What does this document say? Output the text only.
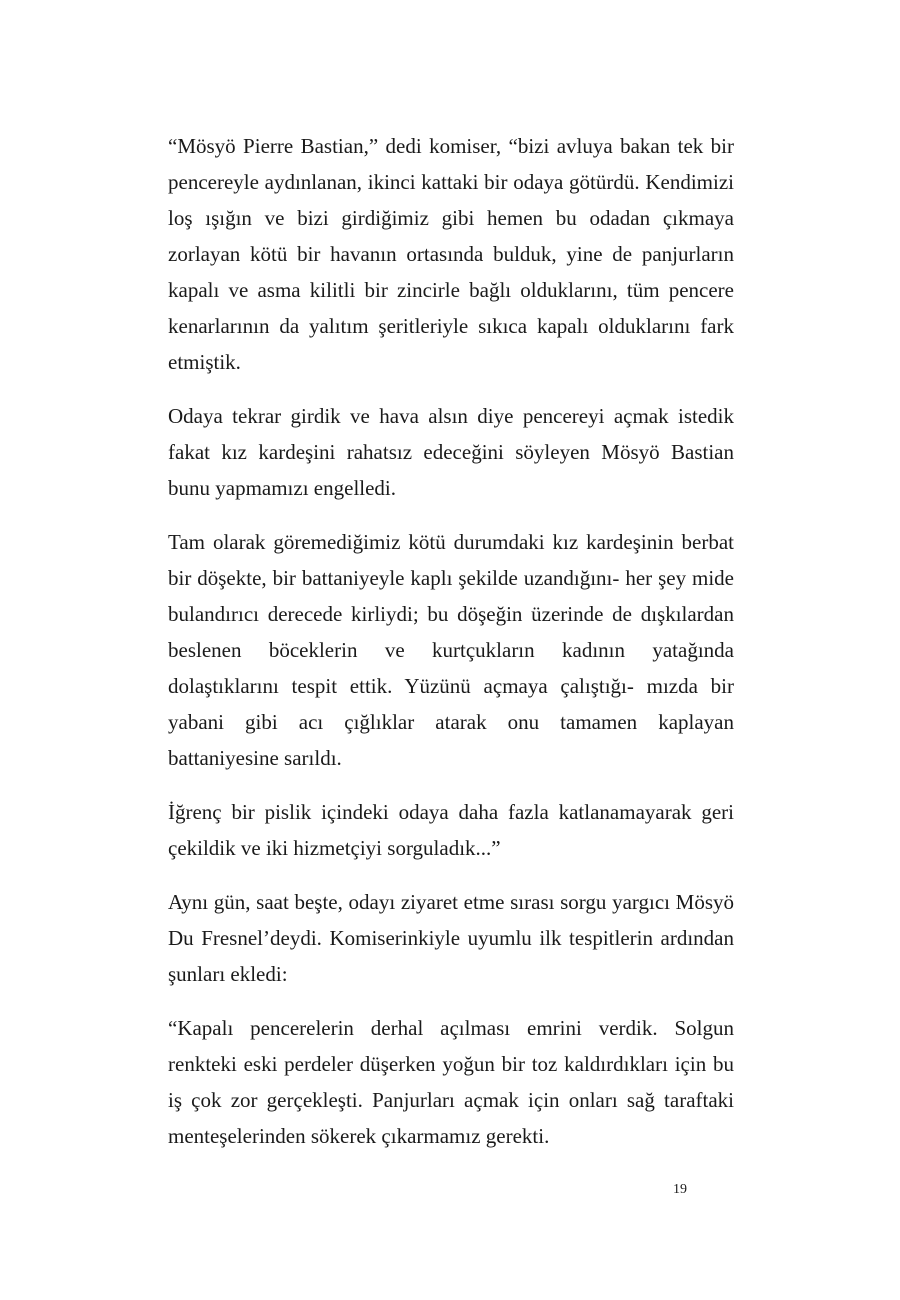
“Mösyö Pierre Bastian,” dedi komiser, “bizi avluya bakan tek bir pencereyle aydınlanan, ikinci kattaki bir odaya götürdü. Kendimizi loş ışığın ve bizi girdiğimiz gibi hemen bu odadan çıkmaya zorlayan kötü bir havanın ortasında bulduk, yine de panjurların kapalı ve asma kilitli bir zincirle bağlı olduklarını, tüm pencere kenarlarının da yalıtım şeritleriyle sıkıca kapalı olduklarını fark etmiştik.

Odaya tekrar girdik ve hava alsın diye pencereyi açmak istedik fakat kız kardeşini rahatsız edeceğini söyleyen Mösyö Bastian bunu yapmamızı engelledi.

Tam olarak göremediğimiz kötü durumdaki kız kardeşinin berbat bir döşekte, bir battaniyeyle kaplı şekilde uzandığını- her şey mide bulandırıcı derecede kirliydi; bu döşeğin üzerinde de dışkılardan beslenen böceklerin ve kurtçukların kadının yatağında dolaştıklarını tespit ettik. Yüzünü açmaya çalıştığı- mızda bir yabani gibi acı çığlıklar atarak onu tamamen kaplayan battaniyesine sarıldı.

İğrenç bir pislik içindeki odaya daha fazla katlanamayarak geri çekildik ve iki hizmetçiyi sorguladık...”

Aynı gün, saat beşte, odayı ziyaret etme sırası sorgu yargıcı Mösyö Du Fresnel’deydi. Komiserinkiyle uyumlu ilk tespitlerin ardından şunları ekledi:

“Kapalı pencerelerin derhal açılması emrini verdik. Solgun renkteki eski perdeler düşerken yoğun bir toz kaldırdıkları için bu iş çok zor gerçekleşti. Panjurları açmak için onları sağ taraftaki menteşelerinden sökerek çıkarmamız gerekti.

19
